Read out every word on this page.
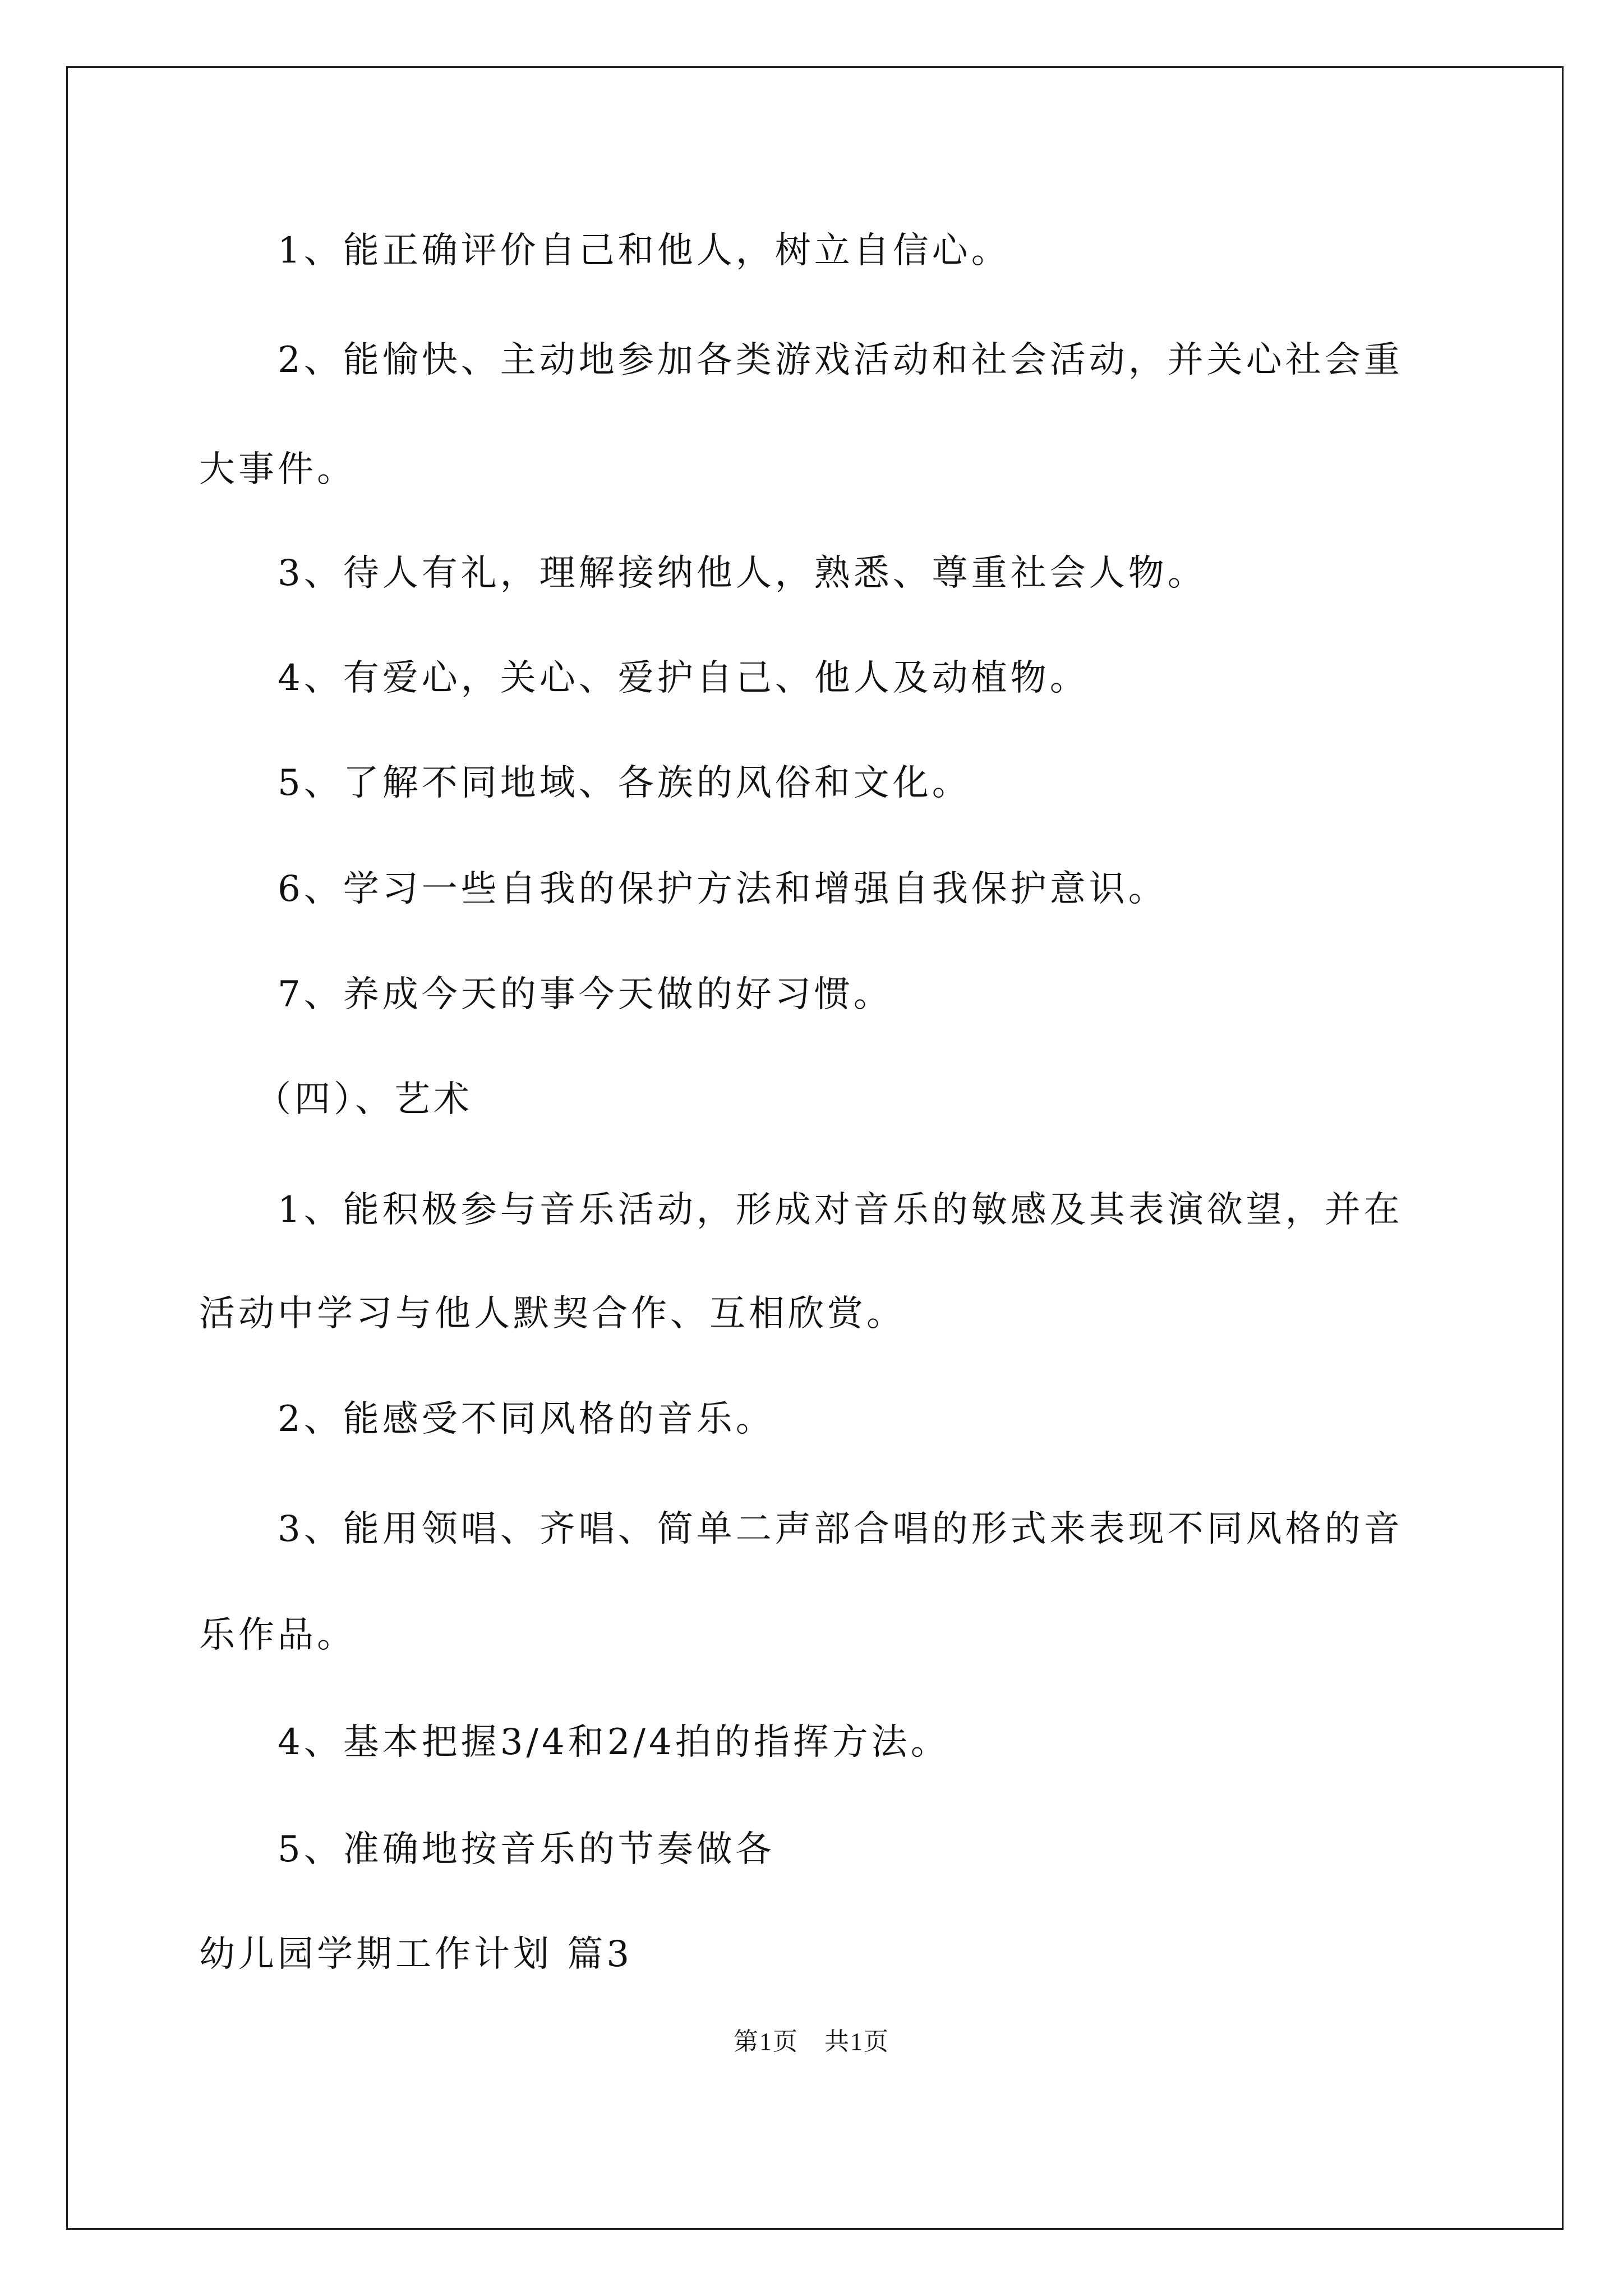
1、能正确评价自己和他人，树立自信心。
2、能愉快、主动地参加各类游戏活动和社会活动，并关心社会重
大事件。
3、待人有礼，理解接纳他人，熟悉、尊重社会人物。
4、有爱心，关心、爱护自己、他人及动植物。
5、了解不同地域、各族的风俗和文化。
6、学习一些自我的保护方法和增强自我保护意识。
7、养成今天的事今天做的好习惯。
（四）、艺术
1、能积极参与音乐活动，形成对音乐的敏感及其表演欲望，并在
活动中学习与他人默契合作、互相欣赏。
2、能感受不同风格的音乐。
3、能用领唱、齐唱、简单二声部合唱的形式来表现不同风格的音
乐作品。
4、基本把握3/4和2/4拍的指挥方法。
5、准确地按音乐的节奏做各
幼儿园学期工作计划 篇3
第1页　共1页
